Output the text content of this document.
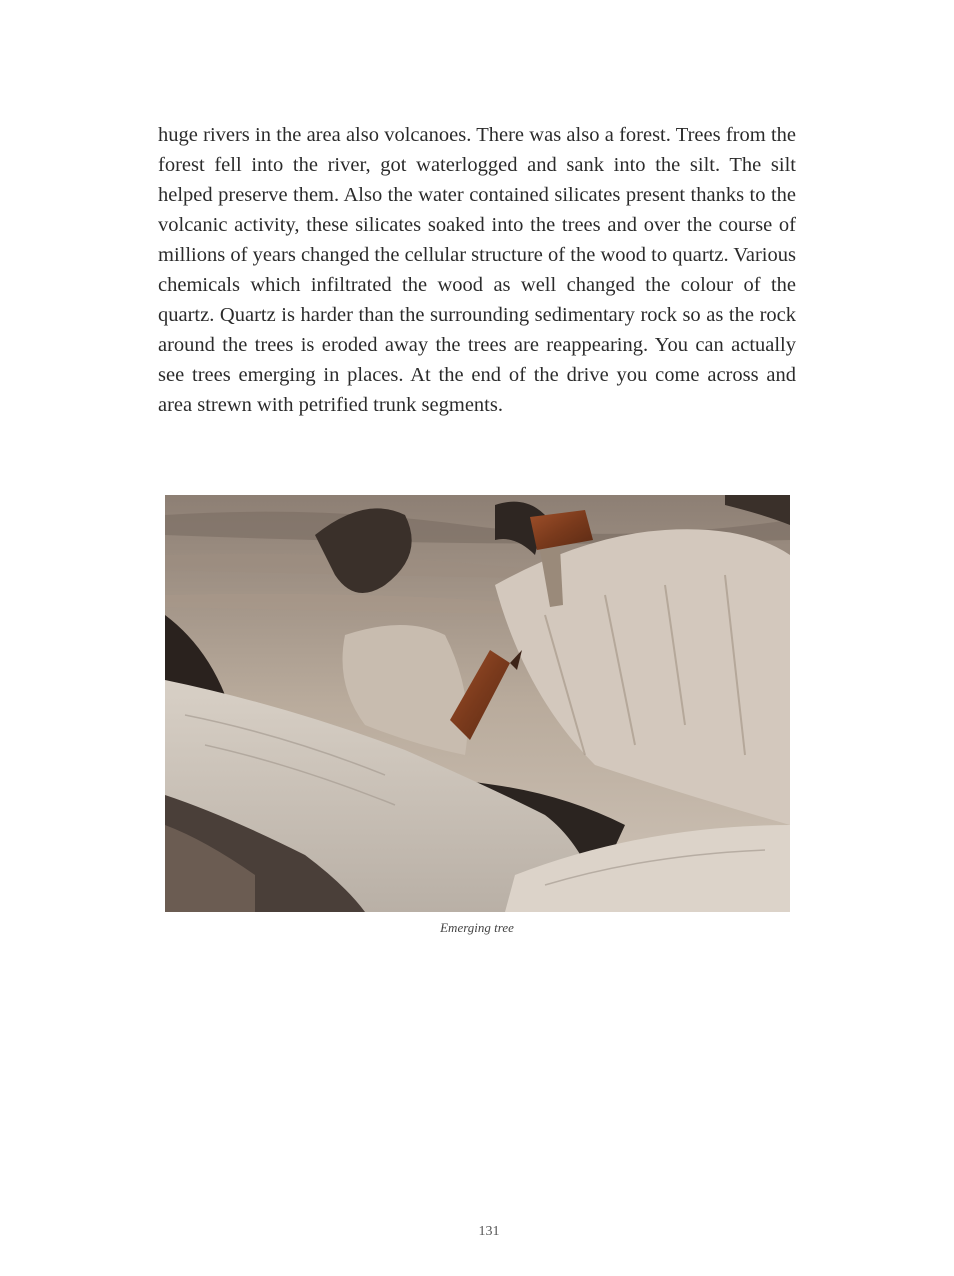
huge rivers in the area also volcanoes. There was also a forest. Trees from the forest fell into the river, got waterlogged and sank into the silt. The silt helped preserve them. Also the water contained silicates present thanks to the volcanic activity, these silicates soaked into the trees and over the course of millions of years changed the cellular structure of the wood to quartz. Various chemicals which infiltrated the wood as well changed the colour of the quartz. Quartz is harder than the surrounding sedimentary rock so as the rock around the trees is eroded away the trees are reappearing. You can actually see trees emerging in places. At the end of the drive you come across and area strewn with petrified trunk segments.

Emerging tree
131
